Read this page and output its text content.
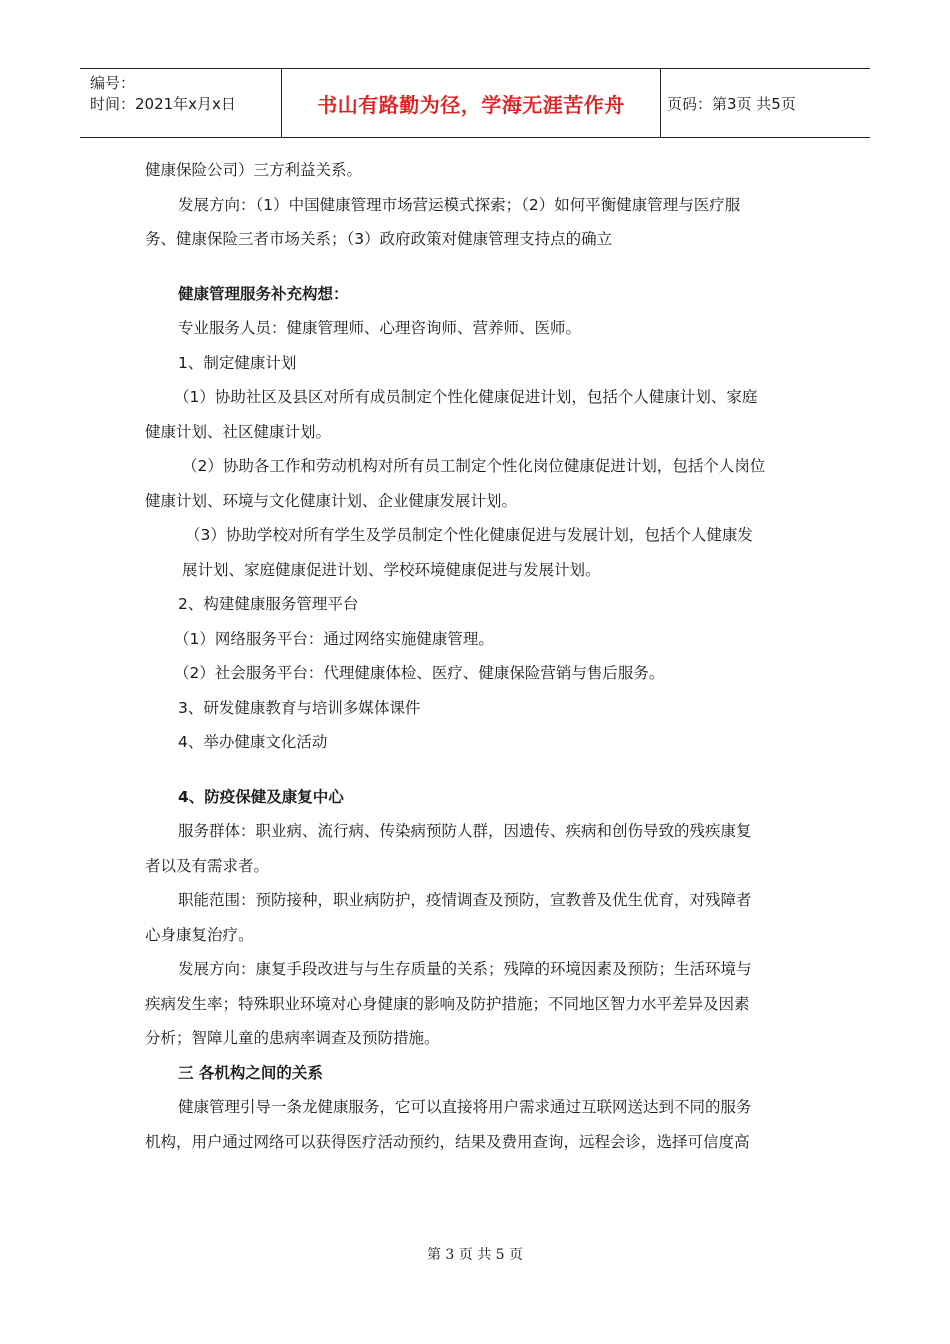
编号：
时间：2021年x月x日	书山有路勤为径，学海无涯苦作舟	页码：第3页 共5页
健康保险公司）三方利益关系。
发展方向：（1）中国健康管理市场营运模式探索；（2）如何平衡健康管理与医疗服
务、健康保险三者市场关系；（3）政府政策对健康管理支持点的确立
健康管理服务补充构想：
专业服务人员：健康管理师、心理咨询师、营养师、医师。
1、制定健康计划
（1）协助社区及县区对所有成员制定个性化健康促进计划，包括个人健康计划、家庭
健康计划、社区健康计划。
（2）协助各工作和劳动机构对所有员工制定个性化岗位健康促进计划，包括个人岗位
健康计划、环境与文化健康计划、企业健康发展计划。
（3）协助学校对所有学生及学员制定个性化健康促进与发展计划，包括个人健康发
展计划、家庭健康促进计划、学校环境健康促进与发展计划。
2、构建健康服务管理平台
（1）网络服务平台：通过网络实施健康管理。
（2）社会服务平台：代理健康体检、医疗、健康保险营销与售后服务。
3、研发健康教育与培训多媒体课件
4、举办健康文化活动
4、防疫保健及康复中心
服务群体：职业病、流行病、传染病预防人群，因遗传、疾病和创伤导致的残疾康复
者以及有需求者。
职能范围：预防接种，职业病防护，疫情调查及预防，宣教普及优生优育，对残障者
心身康复治疗。
发展方向：康复手段改进与与生存质量的关系；残障的环境因素及预防；生活环境与
疾病发生率；特殊职业环境对心身健康的影响及防护措施；不同地区智力水平差异及因素
分析；智障儿童的患病率调查及预防措施。
三 各机构之间的关系
健康管理引导一条龙健康服务，它可以直接将用户需求通过互联网送达到不同的服务
机构，用户通过网络可以获得医疗活动预约，结果及费用查询，远程会诊，选择可信度高
第 3 页 共 5 页
